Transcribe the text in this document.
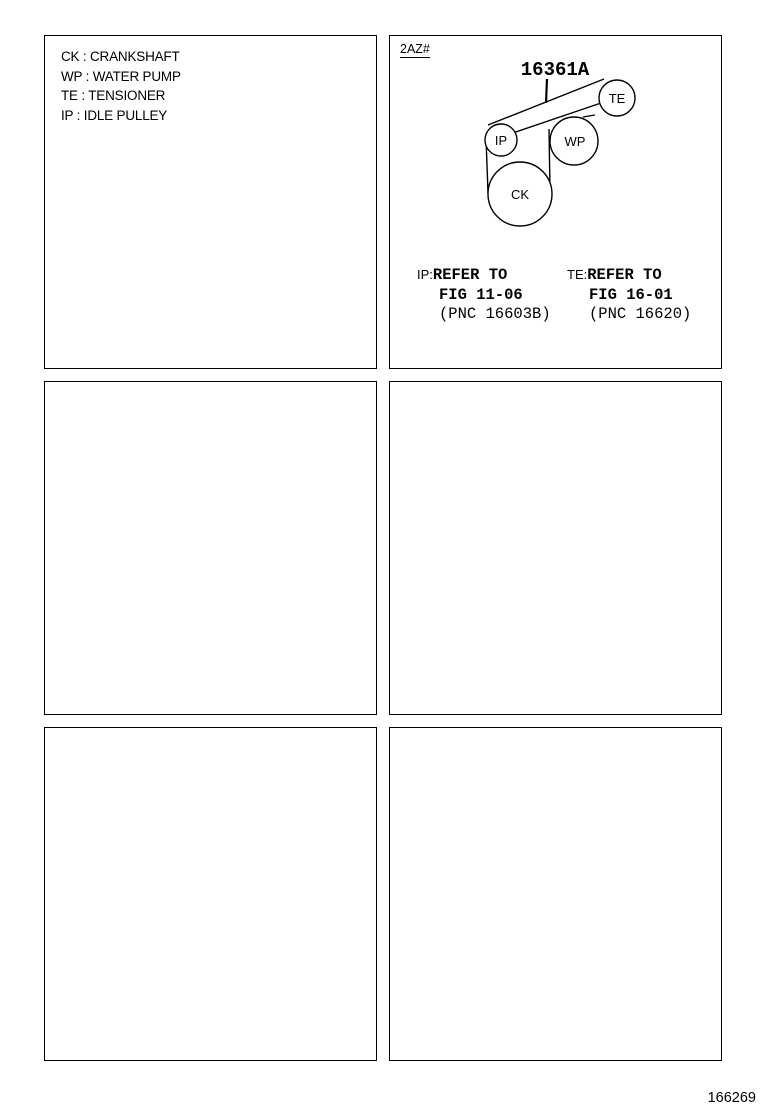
CK : CRANKSHAFT
WP : WATER PUMP
TE : TENSIONER
IP : IDLE PULLEY
2AZ#
TE
IP	WP
CK
16361A
IP:REFER TO
FIG 11-06
(PNC 16603B)
TE:REFER TO
FIG 16-01
(PNC 16620)
166269
